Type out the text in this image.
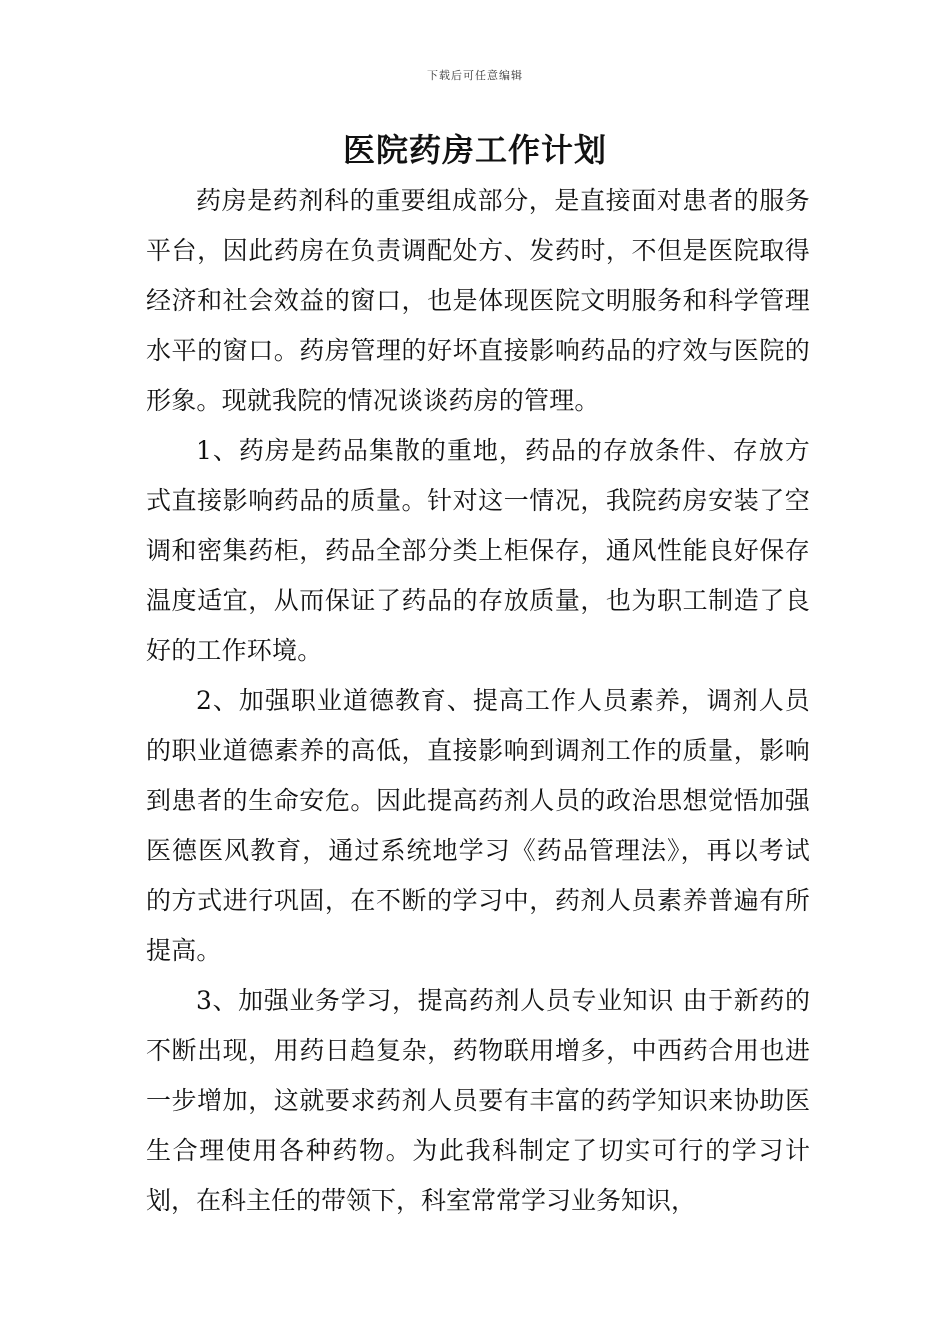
下载后可任意编辑
医院药房工作计划

药房是药剂科的重要组成部分，是直接面对患者的服务平台，因此药房在负责调配处方、发药时，不但是医院取得经济和社会效益的窗口，也是体现医院文明服务和科学管理水平的窗口。药房管理的好坏直接影响药品的疗效与医院的形象。现就我院的情况谈谈药房的管理。

1、药房是药品集散的重地，药品的存放条件、存放方式直接影响药品的质量。针对这一情况，我院药房安装了空调和密集药柜，药品全部分类上柜保存，通风性能良好保存温度适宜，从而保证了药品的存放质量，也为职工制造了良好的工作环境。

2、加强职业道德教育、提高工作人员素养，调剂人员的职业道德素养的高低，直接影响到调剂工作的质量，影响到患者的生命安危。因此提高药剂人员的政治思想觉悟加强医德医风教育，通过系统地学习《药品管理法》，再以考试的方式进行巩固，在不断的学习中，药剂人员素养普遍有所提高。

3、加强业务学习，提高药剂人员专业知识 由于新药的不断出现，用药日趋复杂，药物联用增多，中西药合用也进一步增加，这就要求药剂人员要有丰富的药学知识来协助医生合理使用各种药物。为此我科制定了切实可行的学习计划，在科主任的带领下，科室常常学习业务知识，
